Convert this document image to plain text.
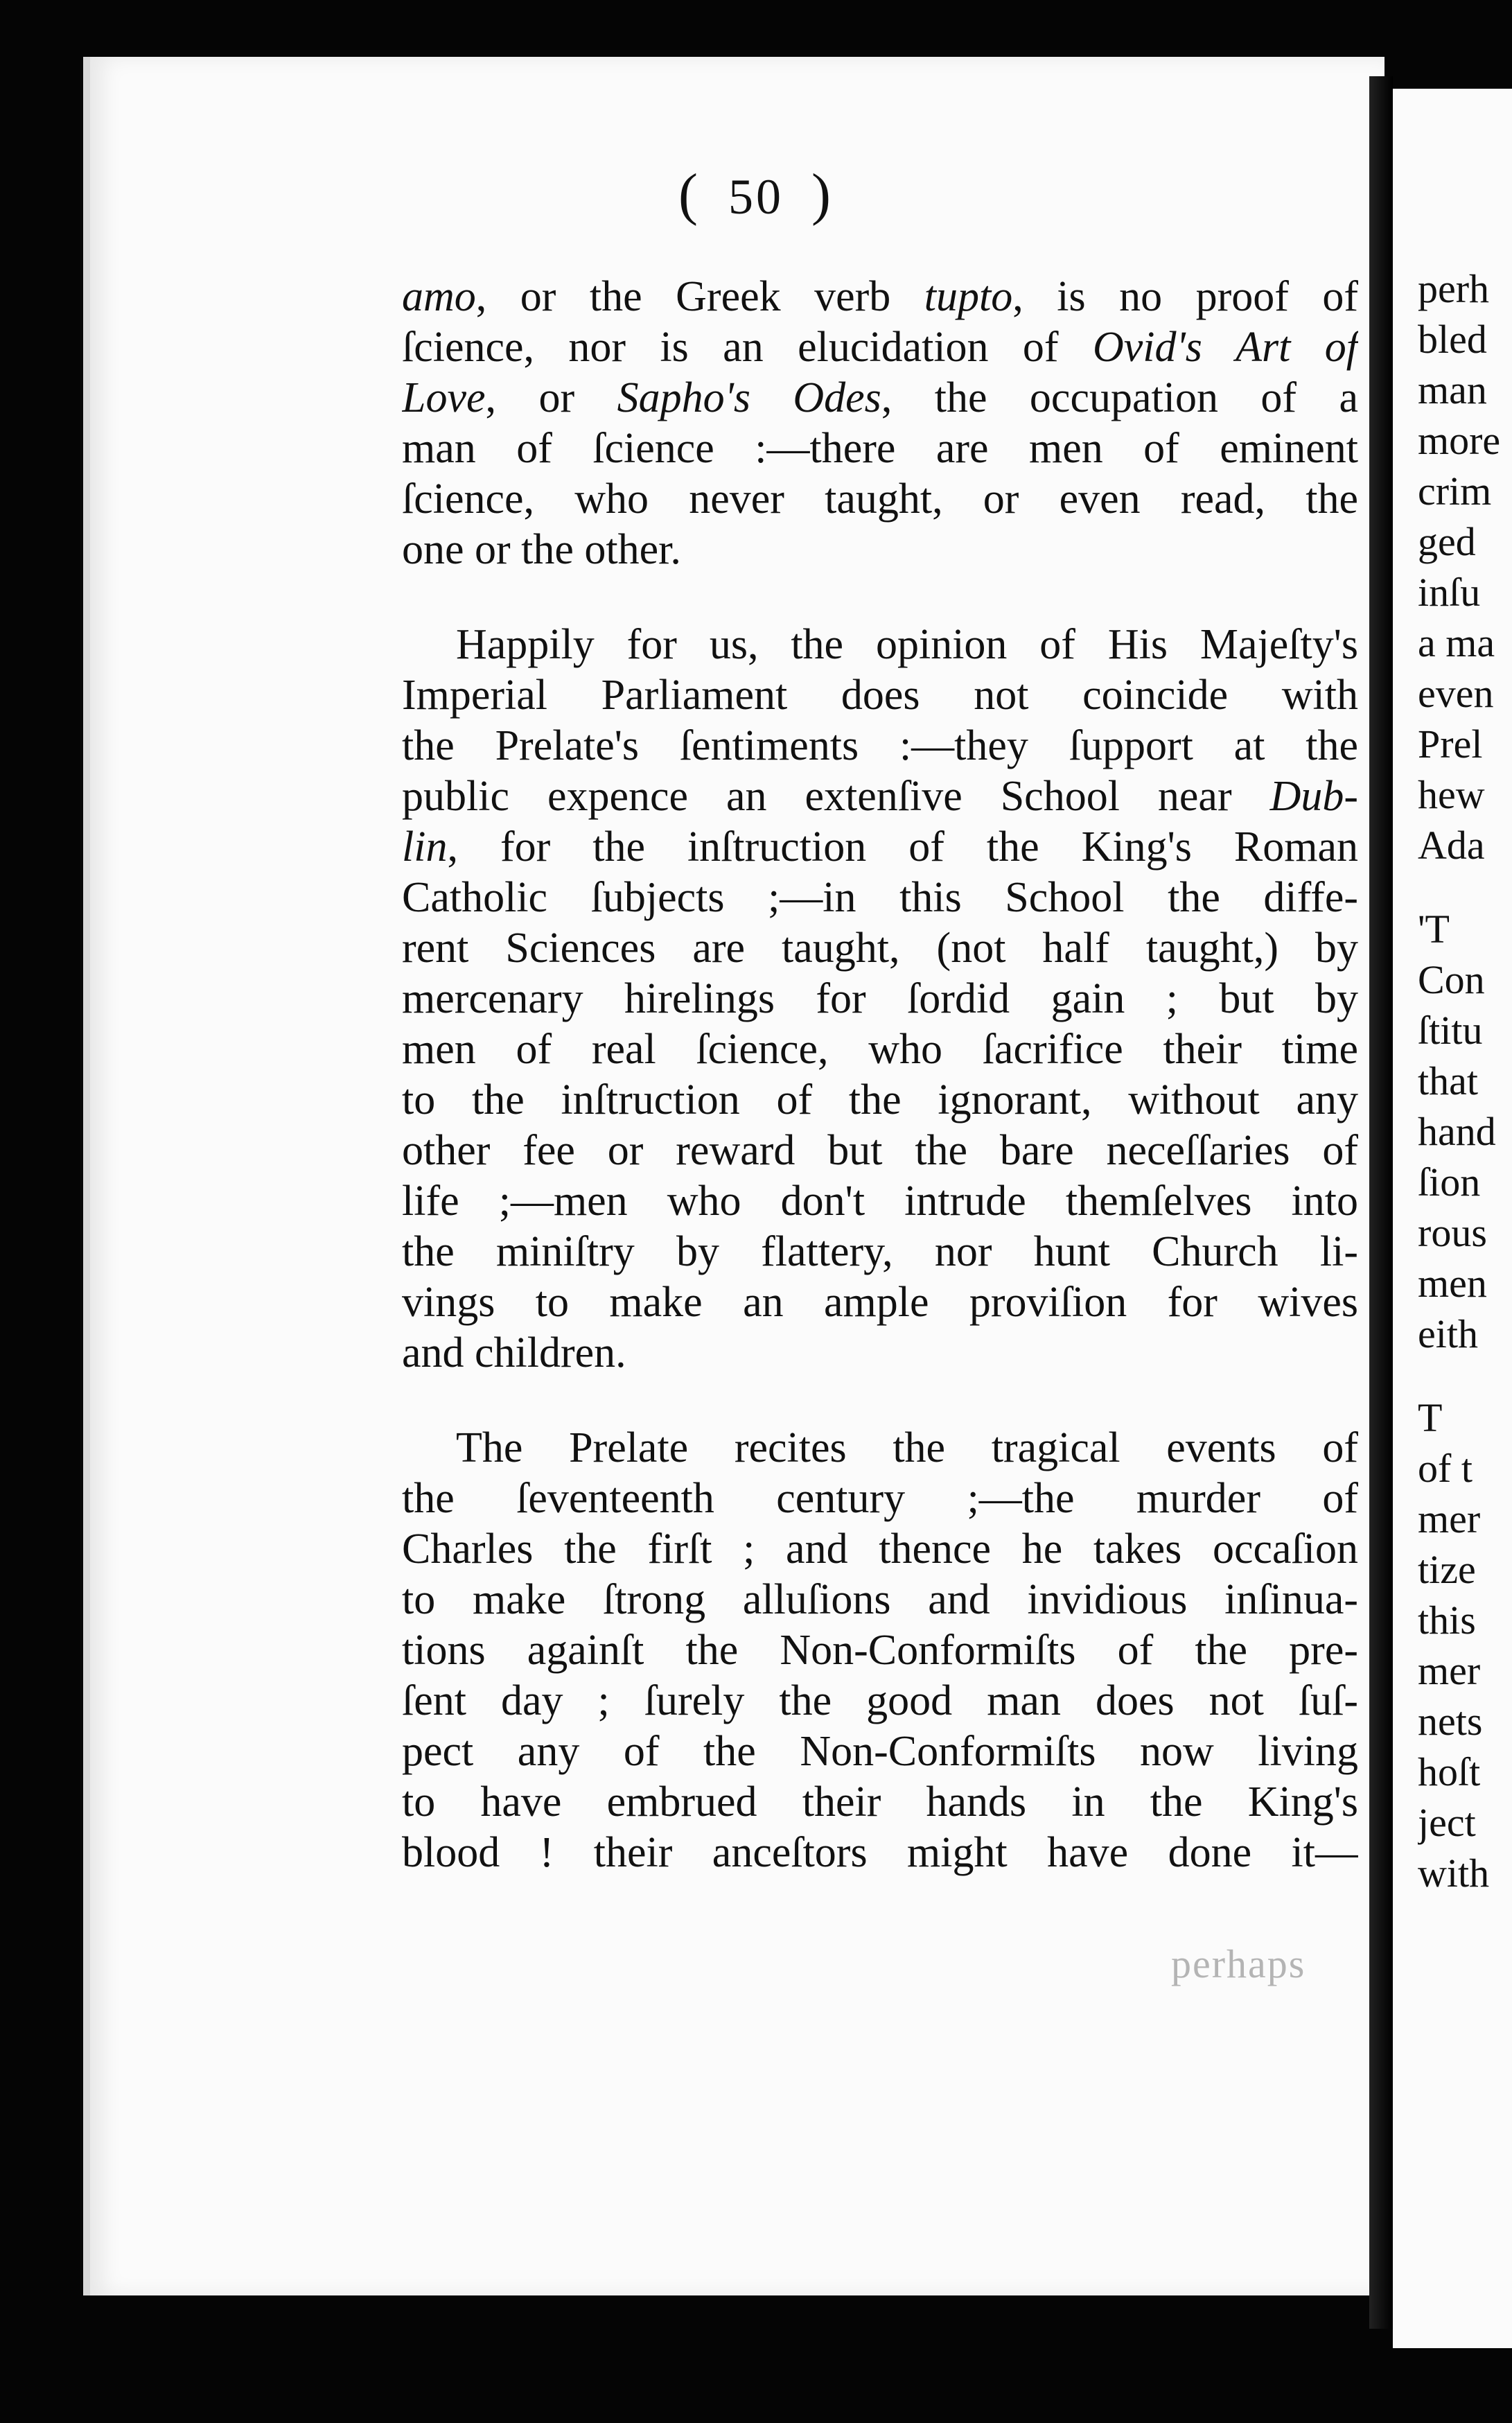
( 50 )
amo, or the Greek verb tupto, is no proof of
ſcience, nor is an elucidation of Ovid's Art of
Love, or Sapho's Odes, the occupation of a
man of ſcience :—there are men of eminent
ſcience, who never taught, or even read, the
one or the other.
Happily for us, the opinion of His Majeſty's
Imperial Parliament does not coincide with
the Prelate's ſentiments :—they ſupport at the
public expence an extenſive School near Dub-
lin, for the inſtruction of the King's Roman
Catholic ſubjects ;—in this School the diffe-
rent Sciences are taught, (not half taught,) by
mercenary hirelings for ſordid gain ; but by
men of real ſcience, who ſacrifice their time
to the inſtruction of the ignorant, without any
other fee or reward but the bare neceſſaries of
life ;—men who don't intrude themſelves into
the miniſtry by flattery, nor hunt Church li-
vings to make an ample proviſion for wives
and children.
The Prelate recites the tragical events of
the ſeventeenth century ;—the murder of
Charles the firſt ; and thence he takes occaſion
to make ſtrong alluſions and invidious inſinua-
tions againſt the Non-Conformiſts of the pre-
ſent day ; ſurely the good man does not ſuſ-
pect any of the Non-Conformiſts now living
to have embrued their hands in the King's
blood ! their anceſtors might have done it—
perhaps
perh
bled
man
more
crim
ged
inſu
a ma
even
Prel
hew
Ada
'T
Con
ſtitu
that
hand
ſion
rous
men
eith
T
of t
mer
tize
this
mer
nets
hoſt
ject
with
